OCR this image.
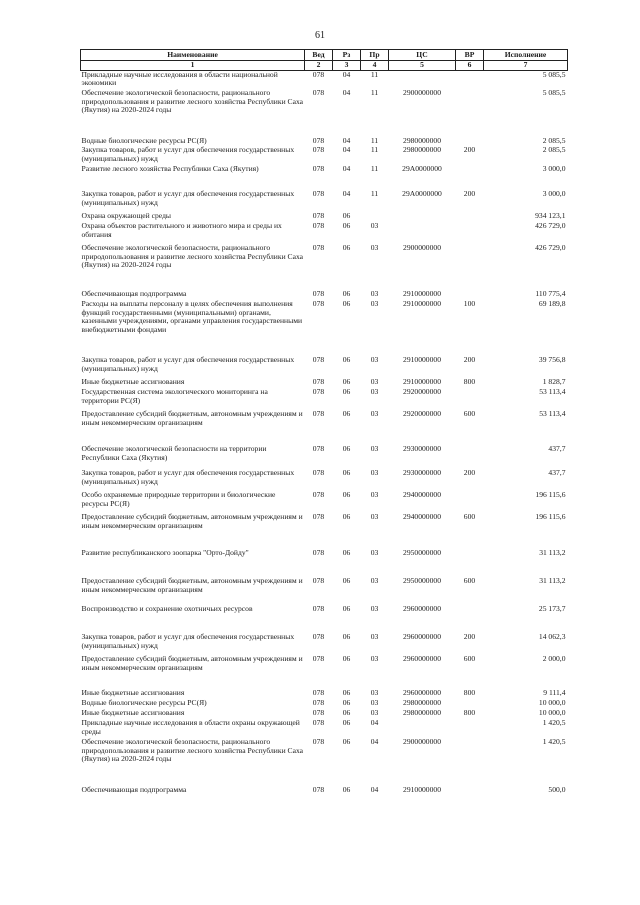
61
Наименование	Вед	Рз	Пр	ЦС	ВР	Исполнение
1	2	3	4	5	6	7
Прикладные научные исследования в области национальной экономики	078	04	11			5 085,5
Обеспечение экологической безопасности, рационального природопользования и развитие лесного хозяйства Республики Саха (Якутия) на 2020-2024 годы	078	04	11	2900000000		5 085,5
Водные биологические ресурсы РС(Я)	078	04	11	2980000000		2 085,5
Закупка товаров, работ и услуг для обеспечения государственных (муниципальных) нужд	078	04	11	2980000000	200	2 085,5
Развитие лесного хозяйства Республики Саха (Якутия)	078	04	11	29А0000000		3 000,0
Закупка товаров, работ и услуг для обеспечения государственных (муниципальных) нужд	078	04	11	29А0000000	200	3 000,0
Охрана окружающей среды	078	06				934 123,1
Охрана объектов растительного и животного мира и среды их обитания	078	06	03			426 729,0
Обеспечение экологической безопасности, рационального природопользования и развитие лесного хозяйства Республики Саха (Якутия) на 2020-2024 годы	078	06	03	2900000000		426 729,0
Обеспечивающая подпрограмма	078	06	03	2910000000		110 775,4
Расходы на выплаты персоналу в целях обеспечения выполнения функций государственными (муниципальными) органами, казенными учреждениями, органами управления государственными внебюджетными фондами	078	06	03	2910000000	100	69 189,8
Закупка товаров, работ и услуг для обеспечения государственных (муниципальных) нужд	078	06	03	2910000000	200	39 756,8
Иные бюджетные ассигнования	078	06	03	2910000000	800	1 828,7
Государственная система экологического мониторинга на территории РС(Я)	078	06	03	2920000000		53 113,4
Предоставление субсидий бюджетным, автономным учреждениям и иным некоммерческим организациям	078	06	03	2920000000	600	53 113,4
Обеспечение экологической безопасности на территории Республики Саха (Якутия)	078	06	03	2930000000		437,7
Закупка товаров, работ и услуг для обеспечения государственных (муниципальных) нужд	078	06	03	2930000000	200	437,7
Особо охраняемые природные территории и биологические ресурсы РС(Я)	078	06	03	2940000000		196 115,6
Предоставление субсидий бюджетным, автономным учреждениям и иным некоммерческим организациям	078	06	03	2940000000	600	196 115,6
Развитие республиканского зоопарка "Орто-Дойду"	078	06	03	2950000000		31 113,2
Предоставление субсидий бюджетным, автономным учреждениям и иным некоммерческим организациям	078	06	03	2950000000	600	31 113,2
Воспроизводство и сохранение охотничьих ресурсов	078	06	03	2960000000		25 173,7
Закупка товаров, работ и услуг для обеспечения государственных (муниципальных) нужд	078	06	03	2960000000	200	14 062,3
Предоставление субсидий бюджетным, автономным учреждениям и иным некоммерческим организациям	078	06	03	2960000000	600	2 000,0
Иные бюджетные ассигнования	078	06	03	2960000000	800	9 111,4
Водные биологические ресурсы РС(Я)	078	06	03	2980000000		10 000,0
Иные бюджетные ассигнования	078	06	03	2980000000	800	10 000,0
Прикладные научные исследования в области охраны окружающей среды	078	06	04			1 420,5
Обеспечение экологической безопасности, рационального природопользования и развитие лесного хозяйства Республики Саха (Якутия) на 2020-2024 годы	078	06	04	2900000000		1 420,5
Обеспечивающая подпрограмма	078	06	04	2910000000		500,0
